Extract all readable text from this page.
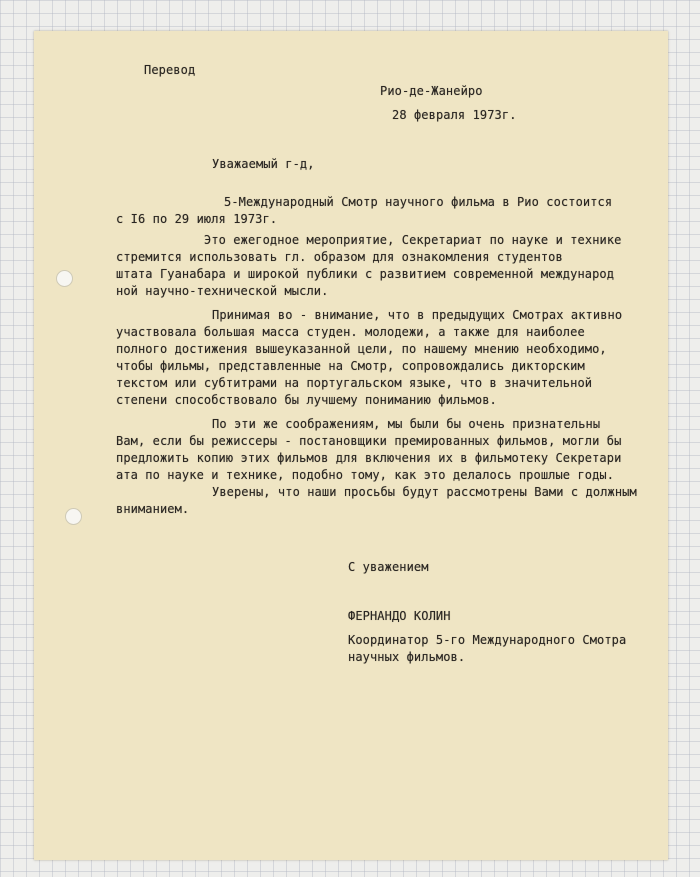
Перевод
Рио-де-Жанейро
28 февраля 1973г.
Уважаемый г-д,
5-Международный Смотр научного фильма в Рио состоится
с I6 по 29 июля 1973г.
Это ежегодное мероприятие, Секретариат по науке и технике
стремится использовать гл. образом для ознакомления студентов
штата Гуанабара и широкой публики с развитием современной международ
ной научно-технической мысли.
Принимая во - внимание, что в предыдущих Смотрах активно
участвовала большая масса студен. молодежи, а также для наиболее
полного достижения вышеуказанной цели, по нашему мнению необходимо,
чтобы фильмы, представленные на Смотр, сопровождались дикторским
текстом или субтитрами на португальском языке, что в значительной
степени способствовало бы лучшему пониманию фильмов.
По эти же соображениям, мы были бы очень признательны
Вам, если бы режиссеры - постановщики премированных фильмов, могли бы
предложить копию этих фильмов для включения их в фильмотеку Секретари
ата по науке и технике, подобно тому, как это делалось прошлые годы.
Уверены, что наши просьбы будут рассмотрены Вами с должным
вниманием.
С уважением
ФЕРНАНДО КОЛИН
Координатор 5-го Международного Смотра
научных фильмов.
